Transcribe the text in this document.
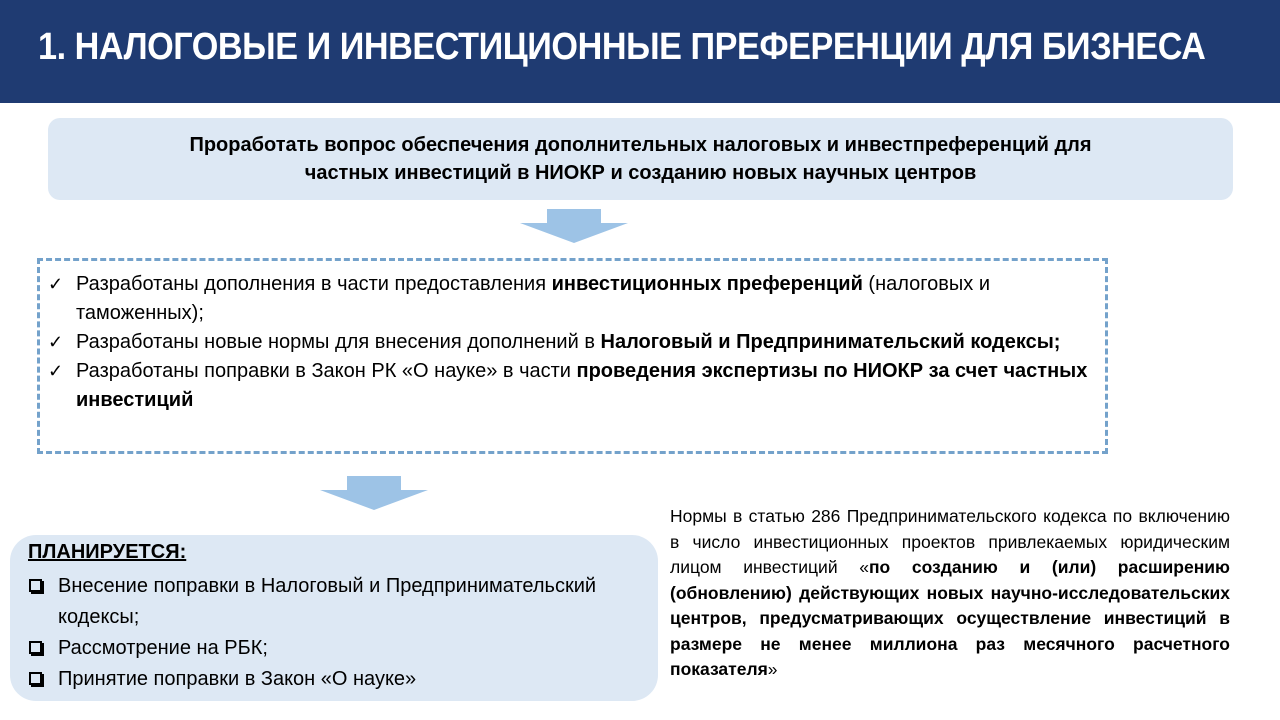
1. НАЛОГОВЫЕ И ИНВЕСТИЦИОННЫЕ ПРЕФЕРЕНЦИИ ДЛЯ БИЗНЕСА
Проработать вопрос обеспечения дополнительных налоговых и инвестпреференций для
частных инвестиций в НИОКР и созданию новых научных центров
✓ Разработаны дополнения в части предоставления инвестиционных преференций (налоговых и таможенных);
✓ Разработаны новые нормы для внесения дополнений в Налоговый и Предпринимательский кодексы;
✓ Разработаны поправки в Закон РК «О науке» в части проведения экспертизы по НИОКР за счет частных инвестиций
ПЛАНИРУЕТСЯ:
Внесение поправки в Налоговый и Предпринимательский кодексы;
Рассмотрение на РБК;
Принятие поправки в Закон «О науке»
Нормы в статью 286 Предпринимательского кодекса по включению в число инвестиционных проектов привлекаемых юридическим лицом инвестиций «по созданию и (или) расширению (обновлению) действующих новых научно-исследовательских центров, предусматривающих осуществление инвестиций в размере не менее миллиона раз месячного расчетного показателя»
